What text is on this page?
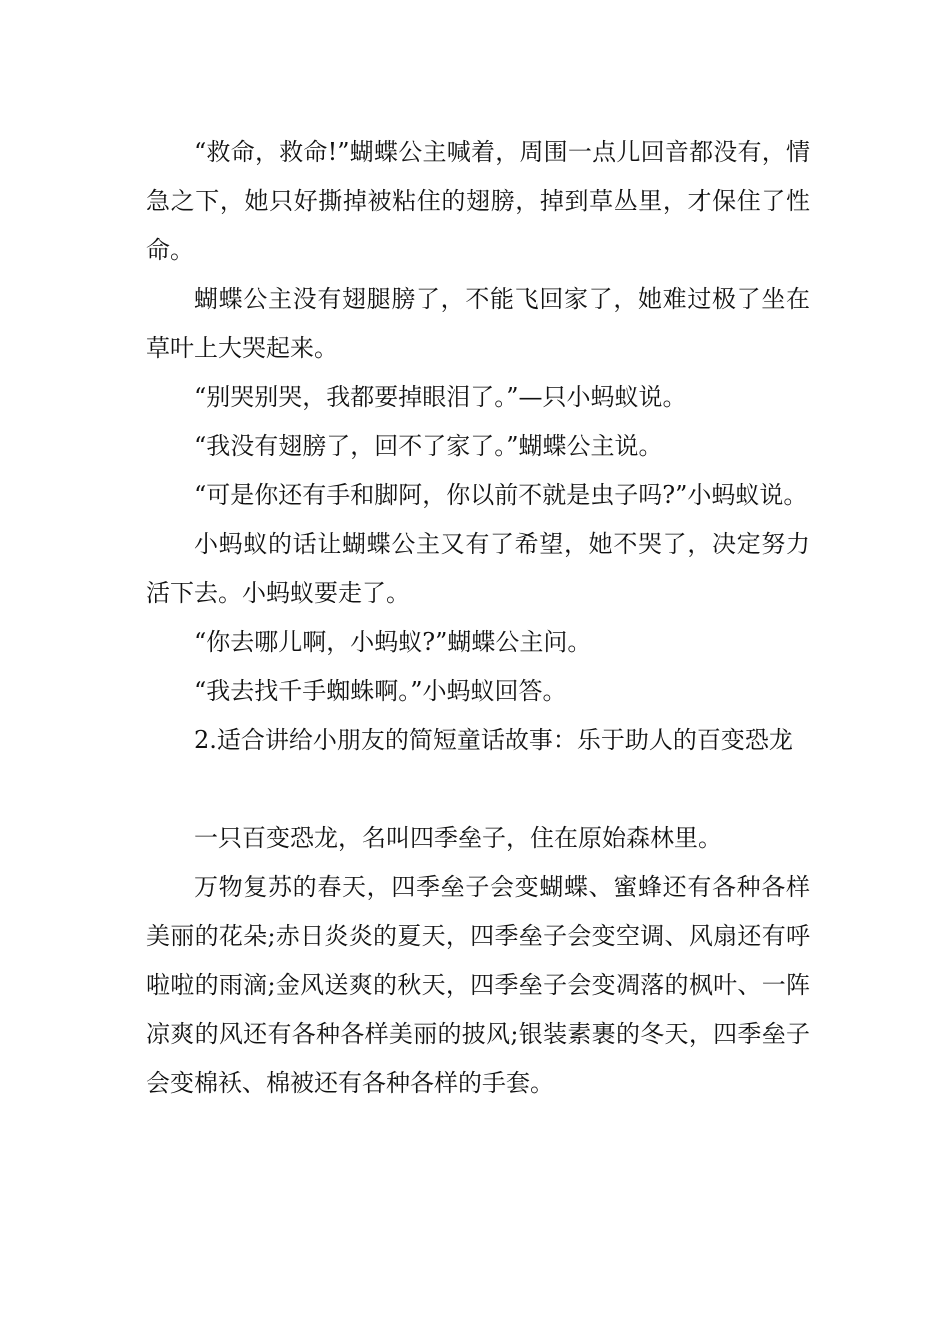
“救命，救命!”蝴蝶公主喊着，周围一点儿回音都没有，情急之下，她只好撕掉被粘住的翅膀，掉到草丛里，才保住了性命。

蝴蝶公主没有翅腿膀了，不能飞回家了，她难过极了坐在草叶上大哭起来。

“别哭别哭，我都要掉眼泪了。”—只小蚂蚁说。

“我没有翅膀了，回不了家了。”蝴蝶公主说。

“可是你还有手和脚阿，你以前不就是虫子吗?”小蚂蚁说。

小蚂蚁的话让蝴蝶公主又有了希望，她不哭了，决定努力活下去。小蚂蚁要走了。

“你去哪儿啊，小蚂蚁?”蝴蝶公主问。

“我去找千手蜘蛛啊。”小蚂蚁回答。

2.适合讲给小朋友的简短童话故事：乐于助人的百变恐龙

一只百变恐龙，名叫四季垒子，住在原始森林里。

万物复苏的春天，四季垒子会变蝴蝶、蜜蜂还有各种各样美丽的花朵;赤日炎炎的夏天，四季垒子会变空调、风扇还有呼啦啦的雨滴;金风送爽的秋天，四季垒子会变凋落的枫叶、一阵凉爽的风还有各种各样美丽的披风;银装素裹的冬天，四季垒子会变棉袄、棉被还有各种各样的手套。
